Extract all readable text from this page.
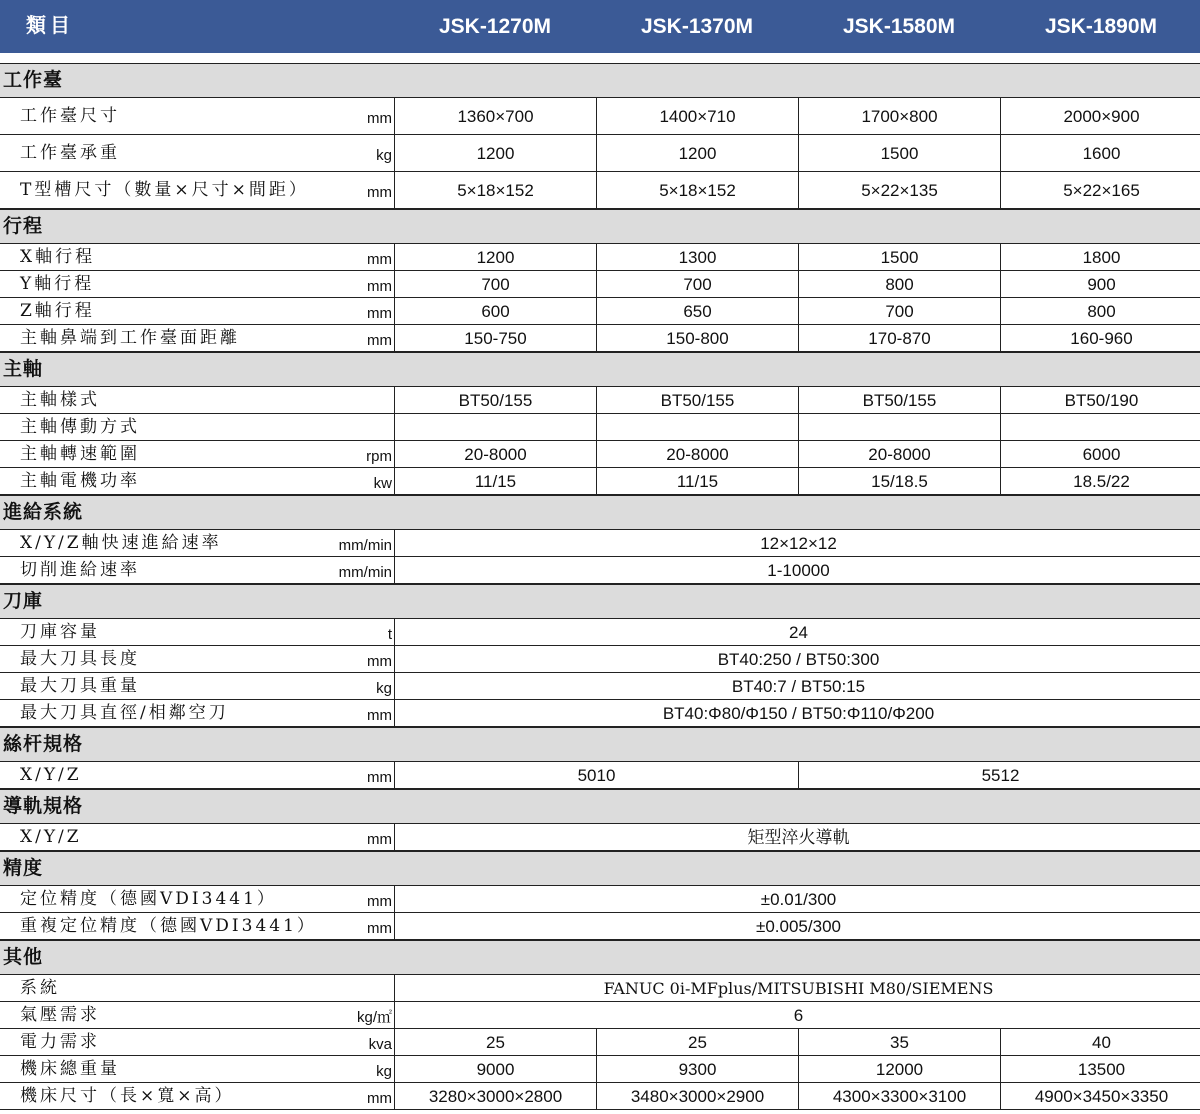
類目	JSK-1270M	JSK-1370M	JSK-1580M	JSK-1890M
工作臺
工作臺尺寸	mm	1360×700	1400×710	1700×800	2000×900
工作臺承重	kg	1200	1200	1500	1600
T型槽尺寸（數量×尺寸×間距）	mm	5×18×152	5×18×152	5×22×135	5×22×165
行程
X軸行程	mm	1200	1300	1500	1800
Y軸行程	mm	700	700	800	900
Z軸行程	mm	600	650	700	800
主軸鼻端到工作臺面距離	mm	150-750	150-800	170-870	160-960
主軸
主軸樣式	BT50/155	BT50/155	BT50/155	BT50/190
主軸傳動方式
主軸轉速範圍	rpm	20-8000	20-8000	20-8000	6000
主軸電機功率	kw	11/15	11/15	15/18.5	18.5/22
進給系統
X/Y/Z軸快速進給速率	mm/min	12×12×12
切削進給速率	mm/min	1-10000
刀庫
刀庫容量	t	24
最大刀具長度	mm	BT40:250 / BT50:300
最大刀具重量	kg	BT40:7 / BT50:15
最大刀具直徑/相鄰空刀	mm	BT40:Φ80/Φ150 / BT50:Φ110/Φ200
絲杆規格
X/Y/Z	mm	5010	5512
導軌規格
X/Y/Z	mm	矩型淬火導軌
精度
定位精度（德國VDI3441）	mm	±0.01/300
重複定位精度（德國VDI3441）	mm	±0.005/300
其他
系統	FANUC 0i-MFplus/MITSUBISHI M80/SIEMENS
氣壓需求	kg/㎡	6
電力需求	kva	25	25	35	40
機床總重量	kg	9000	9300	12000	13500
機床尺寸（長×寬×高）	mm	3280×3000×2800	3480×3000×2900	4300×3300×3100	4900×3450×3350
